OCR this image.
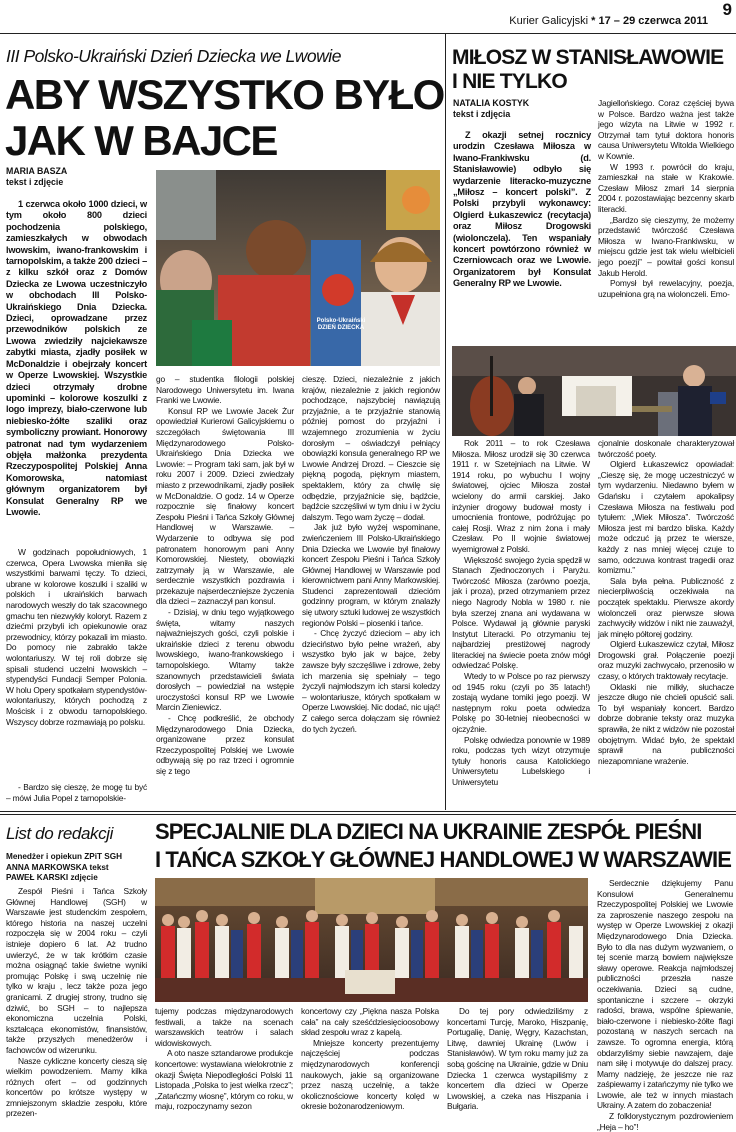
Kurier Galicyjski * 17 – 29 czerwca 2011
9
III Polsko-Ukraiński Dzień Dziecka we Lwowie
ABY WSZYSTKO BYŁO
JAK W BAJCE
MARIA BASZA
tekst i zdjęcie
1 czerwca około 1000 dzieci, w tym około 800 dzieci pochodzenia polskiego, zamieszkałych w obwodach lwowskim, iwano-frankowskim i tarnopolskim, a także 200 dzieci – z kilku szkół oraz z Domów Dziecka ze Lwowa uczestniczyło w obchodach III Polsko-Ukraińskiego Dnia Dziecka. Dzieci, oprowadzane przez przewodników polskich ze Lwowa zwiedziły najciekawsze zabytki miasta, zjadły posiłek w McDonaldzie i obejrzały koncert w Operze Lwowskiej. Wszystkie dzieci otrzymały drobne upominki – kolorowe koszulki z logo imprezy, biało-czerwone lub niebiesko-żółte szaliki oraz symboliczny prowiant. Honorowy patronat nad tym wydarzeniem objęła małżonka prezydenta Rzeczypospolitej Polskiej Anna Komorowska, natomiast głównym organizatorem był Konsulat Generalny RP we Lwowie.
W godzinach popołudniowych, 1 czerwca, Opera Lwowska mieniła się wszystkimi barwami tęczy. To dzieci, ubrane w kolorowe koszulki i szaliki w polskich i ukraińskich barwach narodowych weszły do tak szacownego gmachu ten niezwykły koloryt. Razem z dziećmi przybyli ich opiekunowie oraz przewodnicy, którzy pokazali im miasto. Do pomocy nie zabrakło także wolontariuszy. W tej roli dobrze się spisali studenci uczelni lwowskich – stypendyści Fundacji Semper Polonia. W holu Opery spotkałam stypendystów-wolontariuszy, których pochodzą z Mościsk i z obwodu tarnopolskiego. Wszyscy dobrze rozmawiają po polsku.
- Bardzo się cieszę, że mogę tu być – mówi Julia Popel z tarnopolskie-
Polsko-Ukraiński
DZIEŃ DZIECKA

go – studentka filologii polskiej Narodowego Uniwersytetu im. Iwana Franki we Lwowie.

Konsul RP we Lwowie Jacek Żur opowiedział Kurierowi Galicyjskiemu o szczegółach świętowania III Międzynarodowego Polsko-Ukraińskiego Dnia Dziecka we Lwowie: – Program taki sam, jak był w roku 2007 i 2009. Dzieci zwiedzały miasto z przewodnikami, zjadły posiłek w McDonaldzie. O godz. 14 w Operze rozpocznie się finałowy koncert Zespołu Pieśni i Tańca Szkoły Głównej Handlowej w Warszawie. – Wydarzenie to odbywa się pod patronatem honorowym pani Anny Komorowskiej. Niestety, obowiązki zatrzymały ją w Warszawie, ale serdecznie wszystkich pozdrawia i przekazuje najserdeczniejsze życzenia dla dzieci – zaznaczył pan konsul.

- Dzisiaj, w dniu tego wyjątkowego święta, witamy naszych najważniejszych gości, czyli polskie i ukraińskie dzieci z terenu obwodu lwowskiego, iwano-frankowskiego i tarnopolskiego. Witamy także szanownych przedstawicieli świata dorosłych – powiedział na wstępie uroczystości konsul RP we Lwowie Marcin Zieniewicz.

- Chcę podkreślić, że obchody Międzynarodowego Dnia Dziecka, organizowane przez konsulat Rzeczypospolitej Polskiej we Lwowie odbywają się po raz trzeci i ogromnie się z tego

cieszę. Dzieci, niezależnie z jakich krajów, niezależnie z jakich regionów pochodzące, najszybciej nawiązują przyjaźnie, a te przyjaźnie stanowią później pomost do przyjaźni i wzajemnego zrozumienia w życiu dorosłym – oświadczył pełniący obowiązki konsula generalnego RP we Lwowie Andrzej Drozd. – Cieszcie się piękną pogodą, pięknym miastem, spektaklem, który za chwilę się odbędzie, przyjaźnicie się, bądźcie, bądźcie szczęśliwi w tym dniu i w życiu dalszym. Tego wam życzę – dodał.

Jak już było wyżej wspominane, zwieńczeniem III Polsko-Ukraińskiego Dnia Dziecka we Lwowie był finałowy koncert Zespołu Pieśni i Tańca Szkoły Głównej Handlowej w Warszawie pod kierownictwem pani Anny Markowskiej. Studenci zaprezentowali dziecióm godzinny program, w którym znalazły się utwory sztuki ludowej ze wszystkich regionów Polski – piosenki i tańce.

- Chcę życzyć dzieciom – aby ich dzieciństwo było pełne wrażeń, aby wszystko było jak w bajce, żeby zawsze były szczęśliwe i zdrowe, żeby ich marzenia się spełniały – tego życzyli najmłodszym ich starsi koledzy – wolontariusze, których spotkałam w Operze Lwowskiej. Nic dodać, nic ująć! Z całego serca dołączam się również do tych życzeń.

MIŁOSZ W STANISŁAWOWIE
I NIE TYLKO
NATALIA KOSTYK
tekst i zdjęcia
Z okazji setnej rocznicy urodzin Czesława Miłosza w Iwano-Frankiwsku (d. Stanisławowie) odbyło się wydarzenie literacko-muzyczne „Miłosz – koncert polski”. Z Polski przybyli wykonawcy: Olgierd Łukaszewicz (recytacja) oraz Miłosz Drogowski (wiolonczela). Ten wspaniały koncert powtórzono również w Czerniowcach oraz we Lwowie. Organizatorem był Konsulat Generalny RP we Lwowie.

Jagiellońskiego. Coraz częściej bywa w Polsce. Bardzo ważna jest także jego wizyta na Litwie w 1992 r. Otrzymał tam tytuł doktora honoris causa Uniwersytetu Witolda Wielkiego w Kownie.

W 1993 r. powrócił do kraju, zamieszkał na stałe w Krakowie. Czesław Miłosz zmarł 14 sierpnia 2004 r. pozostawiając bezcenny skarb literacki.

„Bardzo się cieszymy, że możemy przedstawić twórczość Czesława Miłosza w Iwano-Frankiwsku, w miejscu gdzie jest tak wielu wielbicieli jego poezji” – powitał gości konsul Jakub Herold.

Pomysł był rewelacyjny, poezja, uzupełniona grą na wiolonczeli. Emo-

Rok 2011 – to rok Czesława Miłosza. Miłosz urodził się 30 czerwca 1911 r. w Szetejniach na Litwie. W 1914 roku, po wybuchu I wojny światowej, ojciec Miłosza został wcielony do armii carskiej. Jako inżynier drogowy budował mosty i umocnienia frontowe, podróżując po całej Rosji. Wraz z nim żona i mały Czesław. Po II wojnie światowej wyemigrował z Polski.

Większość swojego życia spędził w Stanach Zjednoczonych i Paryżu. Twórczość Miłosza (zarówno poezja, jak i proza), przed otrzymaniem przez niego Nagrody Nobla w 1980 r. nie była szerzej znana ani wydawana w Polsce. Wydawał ją głównie paryski Instytut Literacki. Po otrzymaniu tej najbardziej prestiżowej nagrody literackiej na świecie poeta znów mógł odwiedzać Polskę.

Wtedy to w Polsce po raz pierwszy od 1945 roku (czyli po 35 latach!) zostają wydane tomiki jego poezji. W następnym roku poeta odwiedza Polskę po 30-letniej nieobecności w ojczyźnie.

Polskę odwiedza ponownie w 1989 roku, podczas tych wizyt otrzymuje tytuły honoris causa Katolickiego Uniwersytetu Lubelskiego i Uniwersytetu

cjonalnie doskonale charakteryzował twórczość poety.

Olgierd Łukaszewicz opowiadał: „Cieszę się, że mogę uczestniczyć w tym wydarzeniu. Niedawno byłem w Gdańsku i czytałem apokalipsy Czesława Miłosza na festiwalu pod tytułem: „Wiek Miłosza”. Twórczość Miłosza jest mi bardzo bliska. Każdy może odczuć ją przez te wiersze, każdy z nas mniej więcej czuje to samo, odczuwa kontrast tragedii oraz komizmu.”

Sala była pełna. Publiczność z niecierpliwością oczekiwała na początek spektaklu. Pierwsze akordy wiolonczeli oraz pierwsze słowa zachwyciły widzów i nikt nie zauważył, jak minęło półtorej godziny.

Olgierd Łukaszewicz czytał, Miłosz Drogowski grał. Połączenie poezji oraz muzyki zachwycało, przenosiło w czasy, o których traktowały recytacje.

Oklaski nie milkły, słuchacze jeszcze długo nie chcieli opuścić sali. To był wspaniały koncert. Bardzo dobrze dobranie teksty oraz muzyka sprawiła, że nikt z widzów nie pozostał obojętnym. Widać było, że spektakl sprawił na publiczności niezapomniane wrażenie.

List do redakcji SPECJALNIE DLA DZIECI NA UKRAINIE ZESPÓŁ PIEŚNI
I TAŃCA SZKOŁY GŁÓWNEJ HANDLOWEJ W WARSZAWIE
Menedżer i opiekun ZPiT SGH
ANNA MARKOWSKA tekst
PAWEŁ KARSKI zdjęcie

Zespół Pieśni i Tańca Szkoły Głównej Handlowej (SGH) w Warszawie jest studenckim zespołem, którego historia na naszej uczelni rozpoczęła się w 2004 roku – czyli istnieje dopiero 6 lat. Aż trudno uwierzyć, że w tak krótkim czasie można osiągnąć takie świetne wyniki promując Polskę i swą uczelnię nie tylko w kraju , lecz także poza jego granicami. Z drugiej strony, trudno się dziwić, bo SGH – to najlepsza ekonomiczna uczelnia Polski, kształcąca ekonomistów, finansistów, także przyszłych menedżerów i fachowców od wizerunku.

Nasze cykliczne koncerty cieszą się wielkim powodzeniem. Mamy kilka różnych ofert – od godzinnych koncertów po krótsze występy w zmniejszonym składzie zespołu, które przezen-

tujemy podczas międzynarodowych festiwali, a także na scenach warszawskich teatrów i salach widowiskowych.

A oto nasze sztandarowe produkcje koncertowe: wystawiana wielokrotnie z okazji Święta Niepodległości Polski 11 Listopada „Polska to jest wielka rzecz”; „Zatańczmy wiosnę”, którym co roku, w maju, rozpoczynamy sezon

koncertowy czy „Piękna nasza Polska cała” na cały sześćdziesięcioosobowy skład zespołu wraz z kapelą.

Mniejsze koncerty prezentujemy najczęściej podczas międzynarodowych konferencji naukowych, jakie są organizowane przez naszą uczelnię, a także okolicznościowe koncerty kolęd w okresie bożonarodzeniowym.

Do tej pory odwiedziliśmy z koncertami Turcję, Maroko, Hiszpanię, Portugalię, Danię, Węgry, Kazachstan, Litwę, dawniej Ukrainę (Lwów i Stanisławów). W tym roku mamy już za sobą gościnę na Ukrainie, gdzie w Dniu Dziecka 1 czerwca wystąpiliśmy z koncertem dla dzieci w Operze Lwowskiej, a czeka nas Hiszpania i Bułgaria.

Serdecznie dziękujemy Panu Konsulowi Generalnemu Rzeczypospolitej Polskiej we Lwowie za zaproszenie naszego zespołu na występ w Operze Lwowskiej z okazji Międzynarodowego Dnia Dziecka. Było to dla nas dużym wyzwaniem, o tej scenie marzą bowiem największe sławy operowe. Reakcja najmłodszej publiczności przeszła nasze oczekiwania. Dzieci są cudne, spontaniczne i szczere – okrzyki radości, brawa, wspólne śpiewanie, biało-czerwone i niebiesko-żółte flagi pozostaną w naszych sercach na zawsze. To ogromna energia, którą obdarzyliśmy siebie nawzajem, daje nam siłę i motywuje do dalszej pracy. Mamy nadzieję, że jeszcze nie raz zaśpiewamy i zatańczymy nie tylko we Lwowie, ale też w innych miastach Ukrainy. A zatem do zobaczenia!

Z folklorystycznym pozdrowieniem „Heja – ho”!
